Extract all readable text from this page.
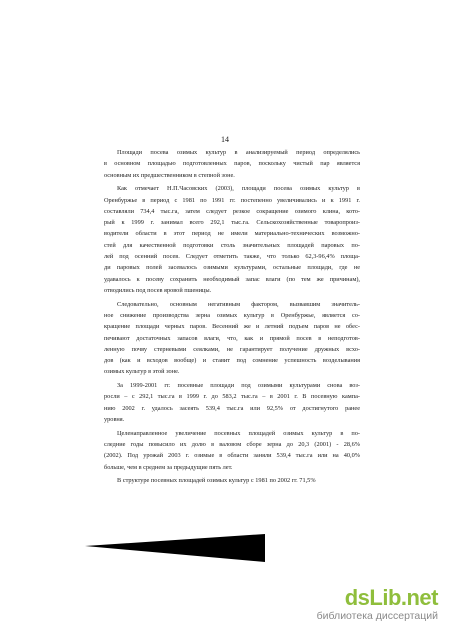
14

Площади посева озимых культур в анализируемый период определялись
в основном площадью подготовленных паров, поскольку чистый пар является
основным их предшественником в степной зоне.

Как отмечает Н.П.Часовских (2003), площади посева озимых культур в
Оренбуржье в период с 1981 по 1991 гг. постепенно увеличивались и к 1991 г.
составляли 734,4 тыс.га, затем следует резкое сокращение озимого клина, кото-
рый к 1999 г. занимал всего 292,1 тыс.га. Сельскохозяйственные товаропроиз-
водители области в этот период не имели материально-технических возможно-
стей для качественной подготовки столь значительных площадей паровых по-
лей под осенний посев. Следует отметить также, что только 62,3-96,4% площа-
ди паровых полей засевалось озимыми культурами, остальные площади, где не
удавалось к посеву сохранить необходимый запас влаги (по тем же причинам),
отводились под посев яровой пшеницы.

Следовательно, основным негативным фактором, вызвавшим значитель-
ное снижение производства зерна озимых культур в Оренбуржье, является со-
кращение площади черных паров. Весенний же и летний подъем паров не обес-
печивают достаточных запасов влаги, что, как и прямой посев в неподготов-
ленную почву стерневыми сеялками, не гарантирует получение дружных всхо-
дов (как и всходов вообще) и ставит под сомнение успешность возделывания
озимых культур в этой зоне.

За 1999-2001 гг. посевные площади под озимыми культурами снова воз-
росли – с 292,1 тыс.га в 1999 г. до 583,2 тыс.га – в 2001 г. В посевную кампа-
нию 2002 г. удалось засеять 539,4 тыс.га или 92,5% от достигнутого ранее
уровня.

Целенаправленное увеличение посевных площадей озимых культур в по-
следние годы повысило их долю в валовом сборе зерна до 20,3 (2001) - 28,6%
(2002). Под урожай 2003 г. озимые в области заняли 539,4 тыс.га или на 40,0%
больше, чем в среднем за предыдущие пять лет.

В структуре посевных площадей озимых культур с 1981 по 2002 гг. 71,5%

dsLib.net
библиотека диссертаций
